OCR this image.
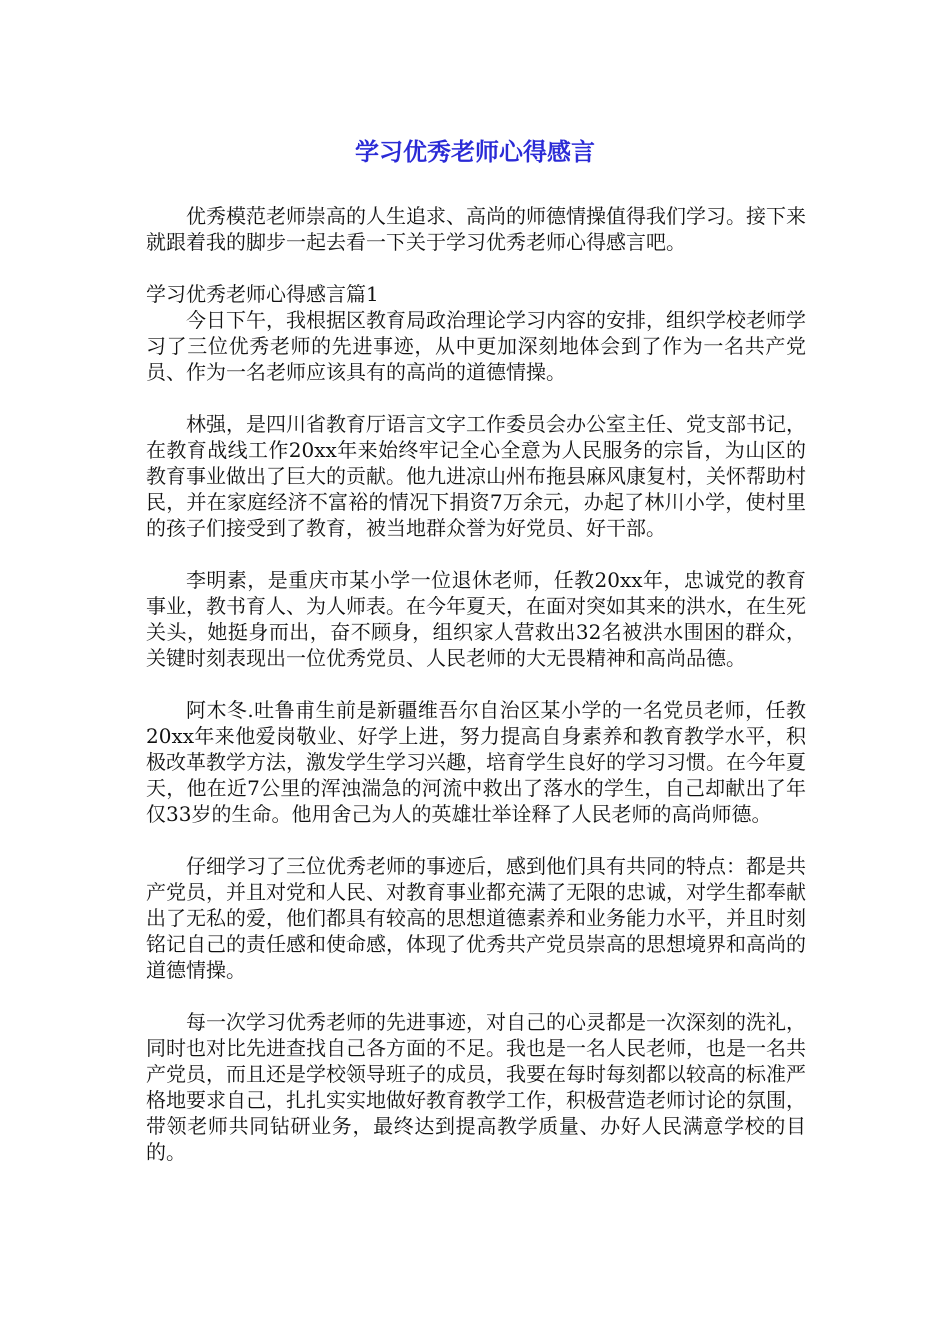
学习优秀老师心得感言

优秀模范老师崇高的人生追求、高尚的师德情操值得我们学习。接下来就跟着我的脚步一起去看一下关于学习优秀老师心得感言吧。

学习优秀老师心得感言篇1

今日下午，我根据区教育局政治理论学习内容的安排，组织学校老师学习了三位优秀老师的先进事迹，从中更加深刻地体会到了作为一名共产党员、作为一名老师应该具有的高尚的道德情操。

林强，是四川省教育厅语言文字工作委员会办公室主任、党支部书记，在教育战线工作20xx年来始终牢记全心全意为人民服务的宗旨，为山区的教育事业做出了巨大的贡献。他九进凉山州布拖县麻风康复村，关怀帮助村民，并在家庭经济不富裕的情况下捐资7万余元，办起了林川小学，使村里的孩子们接受到了教育，被当地群众誉为好党员、好干部。

李明素，是重庆市某小学一位退休老师，任教20xx年，忠诚党的教育事业，教书育人、为人师表。在今年夏天，在面对突如其来的洪水，在生死关头，她挺身而出，奋不顾身，组织家人营救出32名被洪水围困的群众，关键时刻表现出一位优秀党员、人民老师的大无畏精神和高尚品德。

阿木冬.吐鲁甫生前是新疆维吾尔自治区某小学的一名党员老师，任教20xx年来他爱岗敬业、好学上进，努力提高自身素养和教育教学水平，积极改革教学方法，激发学生学习兴趣，培育学生良好的学习习惯。在今年夏天，他在近7公里的浑浊湍急的河流中救出了落水的学生，自己却献出了年仅33岁的生命。他用舍己为人的英雄壮举诠释了人民老师的高尚师德。

仔细学习了三位优秀老师的事迹后，感到他们具有共同的特点：都是共产党员，并且对党和人民、对教育事业都充满了无限的忠诚，对学生都奉献出了无私的爱，他们都具有较高的思想道德素养和业务能力水平，并且时刻铭记自己的责任感和使命感，体现了优秀共产党员崇高的思想境界和高尚的道德情操。

每一次学习优秀老师的先进事迹，对自己的心灵都是一次深刻的洗礼，同时也对比先进查找自己各方面的不足。我也是一名人民老师，也是一名共产党员，而且还是学校领导班子的成员，我要在每时每刻都以较高的标准严格地要求自己，扎扎实实地做好教育教学工作，积极营造老师讨论的氛围，带领老师共同钻研业务，最终达到提高教学质量、办好人民满意学校的目的。
